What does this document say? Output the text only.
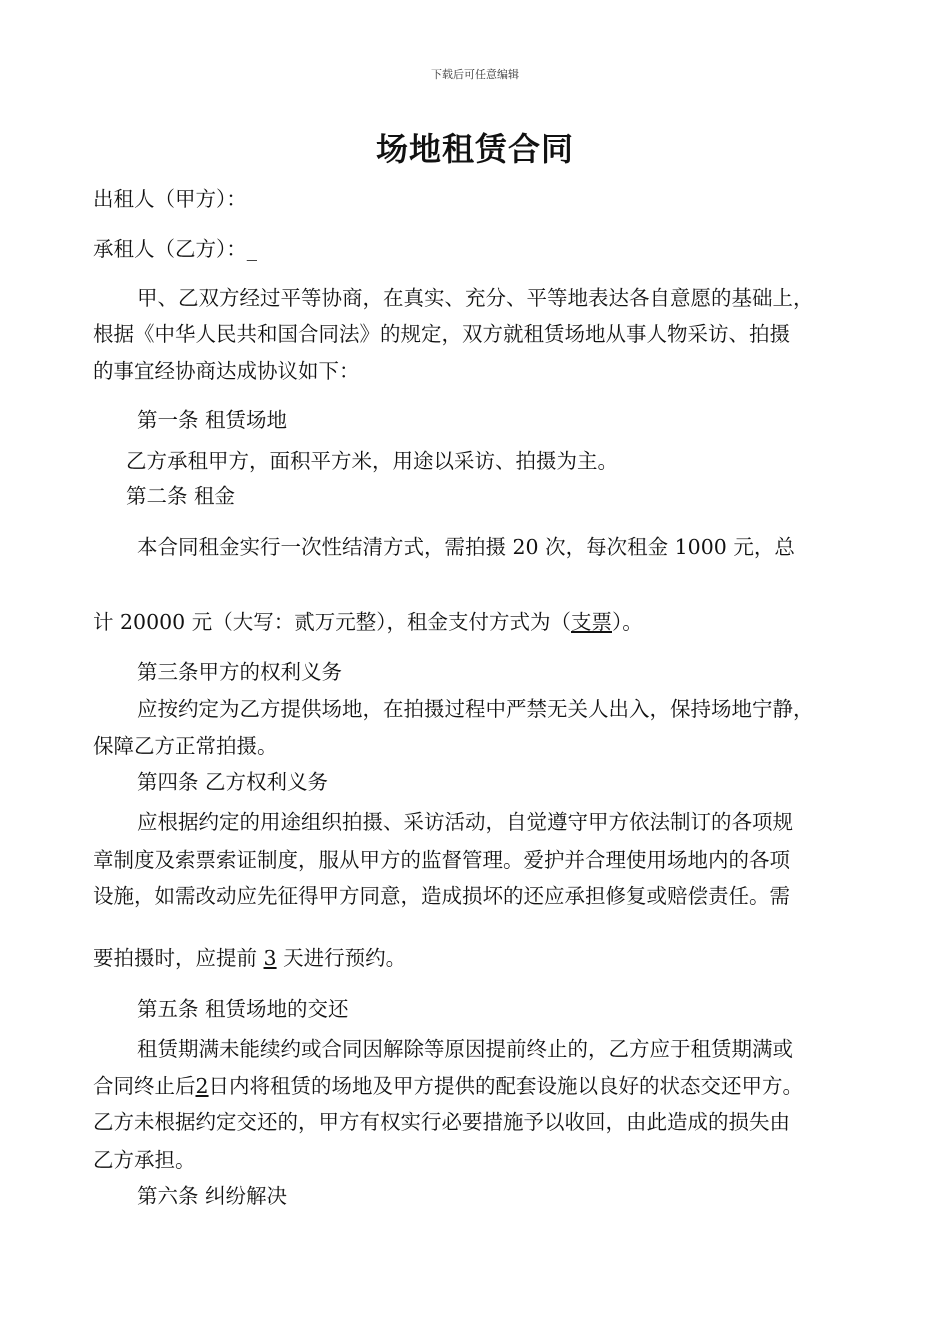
下载后可任意编辑
场地租赁合同
出租人（甲方）：
承租人（乙方）：_
甲、乙双方经过平等协商，在真实、充分、平等地表达各自意愿的基础上，
根据《中华人民共和国合同法》的规定，双方就租赁场地从事人物采访、拍摄
的事宜经协商达成协议如下：
第一条 租赁场地
乙方承租甲方，面积平方米，用途以采访、拍摄为主。
第二条 租金
本合同租金实行一次性结清方式，需拍摄 20 次，每次租金 1000 元，总
计 20000 元（大写：贰万元整），租金支付方式为（支票）。
第三条甲方的权利义务
应按约定为乙方提供场地，在拍摄过程中严禁无关人出入，保持场地宁静，
保障乙方正常拍摄。
第四条 乙方权利义务
应根据约定的用途组织拍摄、采访活动，自觉遵守甲方依法制订的各项规
章制度及索票索证制度，服从甲方的监督管理。爱护并合理使用场地内的各项
设施，如需改动应先征得甲方同意，造成损坏的还应承担修复或赔偿责任。需
要拍摄时，应提前 3 天进行预约。
第五条 租赁场地的交还
租赁期满未能续约或合同因解除等原因提前终止的，乙方应于租赁期满或
合同终止后2日内将租赁的场地及甲方提供的配套设施以良好的状态交还甲方。
乙方未根据约定交还的，甲方有权实行必要措施予以收回，由此造成的损失由
乙方承担。
第六条 纠纷解决
